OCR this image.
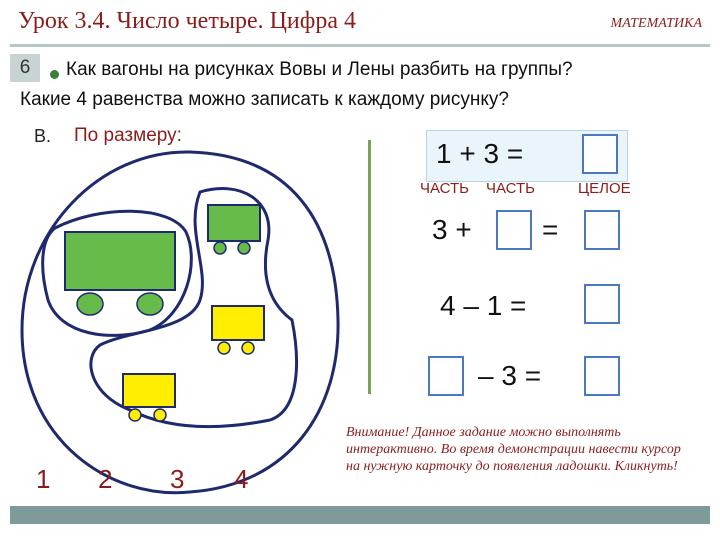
Урок 3.4. Число четыре. Цифра 4	МАТЕМАТИКА
6	Как вагоны на рисунках Вовы и Лены разбить на группы?
Какие 4 равенства можно записать к каждому рисунку?
В. По размеру:
1 + 3 =
ЧАСТЬ ЧАСТЬ	ЦЕЛОЕ
3 +	=
4 – 1 =
– 3 =
Внимание! Данное задание можно выполнять интерактивно. Во время демонстрации навести курсор на нужную карточку до появления ладошки. Кликнуть!
1 2 3 4
